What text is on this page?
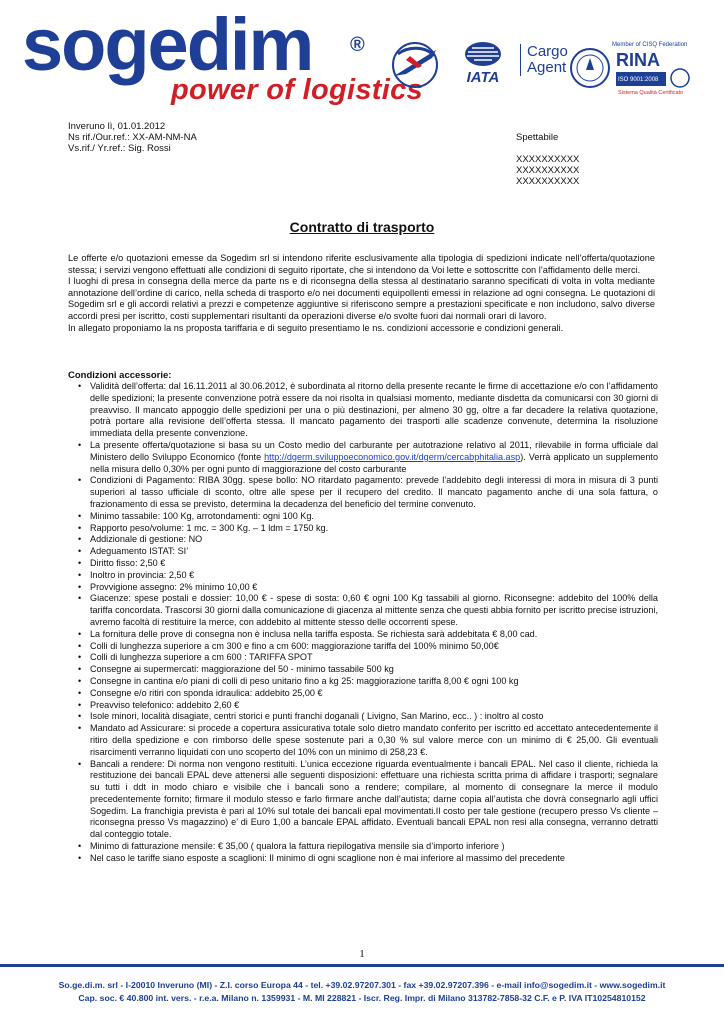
sogedim ®
power of logistics	IATA
Cargo
Agent
Member of CISQ Federation
RINA
ISO 9001:2008
Sistema Qualità Certificato
Inveruno lì, 01.01.2012
Ns rif./Our.ref.: XX-AM-NM-NA
Vs.rif./ Yr.ref.: Sig. Rossi
Spettabile
XXXXXXXXXX
XXXXXXXXXX
XXXXXXXXXX
Contratto di trasporto

Le offerte e/o quotazioni emesse da Sogedim srl si intendono riferite esclusivamente alla tipologia di spedizioni indicate nell’offerta/quotazione stessa; i servizi vengono effettuati alle condizioni di seguito riportate, che si intendono da Voi lette e sottoscritte con l’affidamento delle merci.

I luoghi di presa in consegna della merce da parte ns e di riconsegna della stessa al destinatario saranno specificati di volta in volta mediante annotazione dell’ordine di carico, nella scheda di trasporto e/o nei documenti equipollenti emessi in relazione ad ogni consegna. Le quotazioni di Sogedim srl e gli accordi relativi a prezzi e competenze aggiuntive si riferiscono sempre a prestazioni specificate e non includono, salvo diverse accordi presi per iscritto, costi supplementari risultanti da operazioni diverse e/o svolte fuori dai normali orari di lavoro.

In allegato proponiamo la ns proposta tariffaria e di seguito presentiamo le ns. condizioni accessorie e condizioni generali.

Condizioni accessorie:
• Validità dell’offerta: dal 16.11.2011 al 30.06.2012, è subordinata al ritorno della presente recante le firme di accettazione e/o con l’affidamento delle spedizioni; la presente convenzione potrà essere da noi risolta in qualsiasi momento, mediante disdetta da comunicarsi con 30 giorni di preavviso. Il mancato appoggio delle spedizioni per una o più destinazioni, per almeno 30 gg, oltre a far decadere la relativa quotazione, potrà portare alla revisione dell’offerta stessa. Il mancato pagamento dei trasporti alle scadenze convenute, determina la risoluzione immediata della presente convenzione.
• La presente offerta/quotazione si basa su un Costo medio del carburante per autotrazione relativo al 2011, rilevabile in forma ufficiale dal Ministero dello Sviluppo Economico (fonte http://dgerm.sviluppoeconomico.gov.it/dgerm/cercabphitalia.asp). Verrà applicato un supplemento nella misura dello 0,30% per ogni punto di maggiorazione del costo carburante
• Condizioni di Pagamento: RIBA 30gg. spese bollo: NO ritardato pagamento: prevede l’addebito degli interessi di mora in misura di 3 punti superiori al tasso ufficiale di sconto, oltre alle spese per il recupero del credito. Il mancato pagamento anche di una sola fattura, o frazionamento di essa se previsto, determina la decadenza del beneficio del termine convenuto.
• Minimo tassabile: 100 Kg, arrotondamenti: ogni 100 Kg.
• Rapporto peso/volume: 1 mc. = 300 Kg. – 1 ldm = 1750 kg.
• Addizionale di gestione: NO
• Adeguamento ISTAT: SI’
• Diritto fisso: 2,50 €
• Inoltro in provincia: 2,50 €
• Provvigione assegno: 2% minimo 10,00 €
• Giacenze: spese postali e dossier: 10,00 € - spese di sosta: 0,60 € ogni 100 Kg tassabili al giorno. Riconsegne: addebito del 100% della tariffa concordata. Trascorsi 30 giorni dalla comunicazione di giacenza al mittente senza che questi abbia fornito per iscritto precise istruzioni, avremo facoltà di restituire la merce, con addebito al mittente stesso delle occorrenti spese.
• La fornitura delle prove di consegna non è inclusa nella tariffa esposta. Se richiesta sarà addebitata € 8,00 cad.
• Colli di lunghezza superiore a cm 300 e fino a cm 600: maggiorazione tariffa del 100% minimo 50,00€
• Colli di lunghezza superiore a cm 600 : TARIFFA SPOT
• Consegne ai supermercati: maggiorazione del 50 - minimo tassabile 500 kg
• Consegne in cantina e/o piani di colli di peso unitario fino a kg 25: maggiorazione tariffa 8,00 € ogni 100 kg
• Consegne e/o ritiri con sponda idraulica: addebito 25,00 €
• Preavviso telefonico: addebito 2,60 €
• Isole minori, località disagiate, centri storici e punti franchi doganali ( Livigno, San Marino, ecc.. ) : inoltro al costo
• Mandato ad Assicurare: si procede a copertura assicurativa totale solo dietro mandato conferito per iscritto ed accettato antecedentemente il ritiro della spedizione e con rimborso delle spese sostenute pari a 0,30 % sul valore merce con un minimo di € 25,00. Gli eventuali risarcimenti verranno liquidati con uno scoperto del 10% con un minimo di 258,23 €.
• Bancali a rendere: Di norma non vengono restituiti. L’unica eccezione riguarda eventualmente i bancali EPAL. Nel caso il cliente, richieda la restituzione dei bancali EPAL deve attenersi alle seguenti disposizioni: effettuare una richiesta scritta prima di affidare i trasporti; segnalare su tutti i ddt in modo chiaro e visibile che i bancali sono a rendere; compilare, al momento di consegnare la merce il modulo precedentemente fornito; firmare il modulo stesso e farlo firmare anche dall’autista; darne copia all’autista che dovrà consegnarlo agli uffici Sogedim. La franchigia prevista è pari al 10% sul totale dei bancali epal movimentati.Il costo per tale gestione (recupero presso Vs cliente – riconsegna presso Vs magazzino) e’ di Euro 1,00 a bancale EPAL affidato. Eventuali bancali EPAL non resi alla consegna, verranno detratti dal conteggio totale.
• Minimo di fatturazione mensile: € 35,00 ( qualora la fattura riepilogativa mensile sia d’importo inferiore )
• Nel caso le tariffe siano esposte a scaglioni: Il minimo di ogni scaglione non è mai inferiore al massimo del precedente
1
So.ge.di.m. srl - I-20010 Inveruno (MI) - Z.I. corso Europa 44 - tel. +39.02.97207.301 - fax +39.02.97207.396 - e-mail info@sogedim.it - www.sogedim.it
Cap. soc. € 40.800 int. vers. - r.e.a. Milano n. 1359931 - M. MI 228821 - Iscr. Reg. Impr. di Milano 313782-7858-32 C.F. e P. IVA IT10254810152
